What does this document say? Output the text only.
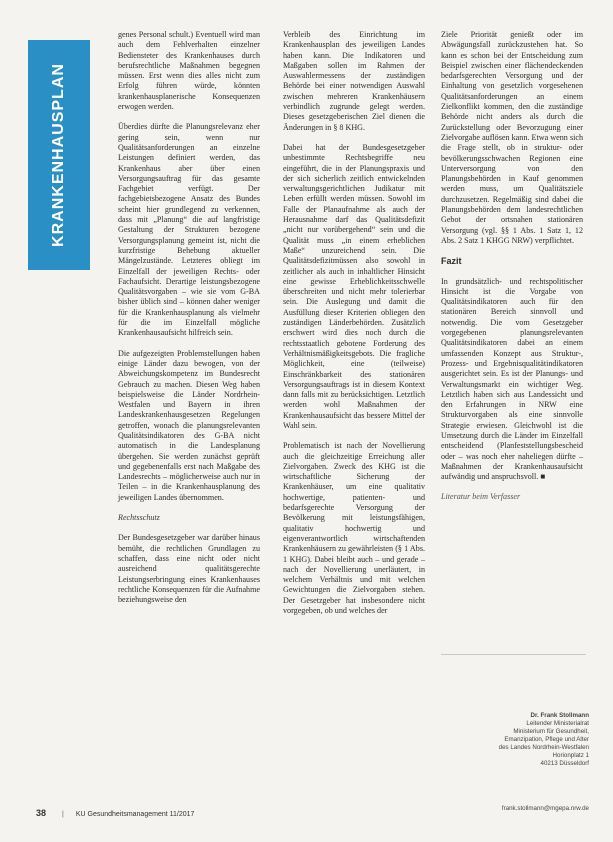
KRANKENHAUSPLAN

genes Personal schult.) Eventuell wird man auch dem Fehlverhalten einzelner Bediensteter des Krankenhauses durch berufsrechtliche Maßnahmen begegnen müssen. Erst wenn dies alles nicht zum Erfolg führen würde, könnten krankenhausplanerische Konsequenzen erwogen werden.

Überdies dürfte die Planungsrelevanz eher gering sein, wenn nur Qualitätsanforderungen an einzelne Leistungen definiert werden, das Krankenhaus aber über einen Versorgungsauftrag für das gesamte Fachgebiet verfügt. Der fachgebietsbezogene Ansatz des Bundes scheint hier grundlegend zu verkennen, dass mit „Planung“ die auf langfristige Gestaltung der Strukturen bezogene Versorgungsplanung gemeint ist, nicht die kurzfristige Behebung aktueller Mängelzustände. Letzteres obliegt im Einzelfall der jeweiligen Rechts- oder Fachaufsicht. Derartige leistungsbezogene Qualitätsvorgaben – wie sie vom G-BA bisher üblich sind – können daher weniger für die Krankenhausplanung als vielmehr für die im Einzelfall mögliche Krankenhausaufsicht hilfreich sein.

Die aufgezeigten Problemstellungen haben einige Länder dazu bewogen, von der Abweichungskompetenz im Bundesrecht Gebrauch zu machen. Diesen Weg haben beispielsweise die Länder Nordrhein-Westfalen und Bayern in ihren Landeskrankenhausgesetzen Regelungen getroffen, wonach die planungsrelevanten Qualitätsindikatoren des G-BA nicht automatisch in die Landesplanung übergehen. Sie werden zunächst geprüft und gegebenenfalls erst nach Maßgabe des Landesrechts – möglicherweise auch nur in Teilen – in die Krankenhausplanung des jeweiligen Landes übernommen.

Rechtsschutz

Der Bundesgesetzgeber war darüber hinaus bemüht, die rechtlichen Grundlagen zu schaffen, dass eine nicht oder nicht ausreichend qualitätsgerechte Leistungserbringung eines Krankenhauses rechtliche Konsequenzen für die Aufnahme beziehungsweise den

Verbleib des Einrichtung im Krankenhausplan des jeweiligen Landes haben kann. Die Indikatoren und Maßgaben sollen im Rahmen der Auswahlermessens der zuständigen Behörde bei einer notwendigen Auswahl zwischen mehreren Krankenhäusern verbindlich zugrunde gelegt werden. Dieses gesetzgeberischen Ziel dienen die Änderungen in § 8 KHG.

Dabei hat der Bundesgesetzgeber unbestimmte Rechtsbegriffe neu eingeführt, die in der Planungspraxis und der sich sicherlich zeitlich entwickelnden verwaltungsgerichtlichen Judikatur mit Leben erfüllt werden müssen. Sowohl im Falle der Planaufnahme als auch der Herausnahme darf das Qualitätsdefizit „nicht nur vorübergehend“ sein und die Qualität muss „in einem erheblichen Maße“ unzureichend sein. Die Qualitätsdefizitmüssen also sowohl in zeitlicher als auch in inhaltlicher Hinsicht eine gewisse Erheblichkeitsschwelle überschreiten und nicht mehr tolerierbar sein. Die Auslegung und damit die Ausfüllung dieser Kriterien obliegen den zuständigen Länderbehörden. Zusätzlich erschwert wird dies noch durch die rechtsstaatlich gebotene Forderung des Verhältnismäßigkeitsgebots. Die fragliche Möglichkeit, eine (teilweise) Einschränkbarkeit des stationären Versorgungsauftrags ist in diesem Kontext dann falls mit zu berücksichtigen. Letztlich werden wohl Maßnahmen der Krankenhausaufsicht das bessere Mittel der Wahl sein.

Problematisch ist nach der Novellierung auch die gleichzeitige Erreichung aller Zielvorgaben. Zweck des KHG ist die wirtschaftliche Sicherung der Krankenhäuser, um eine qualitativ hochwertige, patienten- und bedarfsgerechte Versorgung der Bevölkerung mit leistungsfähigen, qualitativ hochwertig und eigenverantwortlich wirtschaftenden Krankenhäusern zu gewährleisten (§ 1 Abs. 1 KHG). Dabei bleibt auch – und gerade – nach der Novellierung unerläutert, in welchem Verhältnis und mit welchen Gewichtungen die Zielvorgaben stehen. Der Gesetzgeber hat insbesondere nicht vorgegeben, ob und welches der

Ziele Priorität genießt oder im Abwägungsfall zurückzustehen hat. So kann es schon bei der Entscheidung zum Beispiel zwischen einer flächendeckenden bedarfsgerechten Versorgung und der Einhaltung von gesetzlich vorgesehenen Qualitätsanforderungen an einem Zielkonflikt kommen, den die zuständige Behörde nicht anders als durch die Zurückstellung oder Bevorzugung einer Zielvorgabe auflösen kann. Etwa wenn sich die Frage stellt, ob in struktur- oder bevölkerungsschwachen Regionen eine Unterversorgung von den Planungsbehörden in Kauf genommen werden muss, um Qualitätsziele durchzusetzen. Regelmäßig sind dabei die Planungsbehörden dem landesrechtlichen Gebot der ortsnahen stationären Versorgung (vgl. §§ 1 Abs. 1 Satz 1, 12 Abs. 2 Satz 1 KHGG NRW) verpflichtet.

Fazit

In grundsätzlich- und rechtspolitischer Hinsicht ist die Vorgabe von Qualitätsindikatoren auch für den stationären Bereich sinnvoll und notwendig. Die vom Gesetzgeber vorgegebenen planungsrelevanten Qualitätsindikatoren dabei an einem umfassenden Konzept aus Struktur-, Prozess- und Ergebnisqualitätindikatoren ausgerichtet sein. Es ist der Planungs- und Verwaltungsmarkt ein wichtiger Weg. Letztlich haben sich aus Landessicht und den Erfahrungen in NRW eine Strukturvorgaben als eine sinnvolle Strategie erwiesen. Gleichwohl ist die Umsetzung durch die Länder im Einzelfall entscheidend (Planfeststellungsbescheid oder – was noch eher naheliegen dürfte – Maßnahmen der Krankenhausaufsicht aufwändig und anspruchsvoll. ■

Literatur beim Verfasser

Dr. Frank Stollmann
Leitender Ministerialrat
Ministerium für Gesundheit,
Emanzipation, Pflege und Alter
des Landes Nordrhein-Westfalen
Horionplatz 1
40213 Düsseldorf
frank.stollmann@mgepa.nrw.de
38 | KU Gesundheitsmanagement 11/2017
